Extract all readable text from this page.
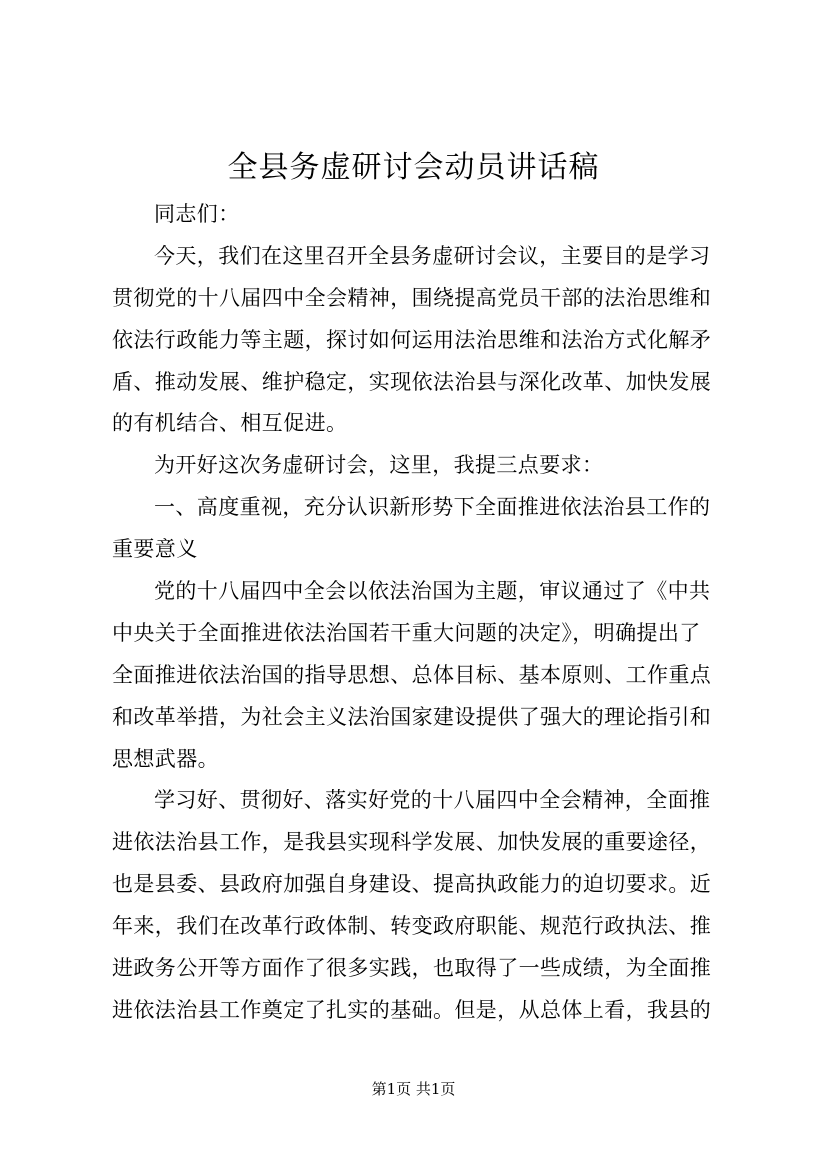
全县务虚研讨会动员讲话稿
同志们：
今天，我们在这里召开全县务虚研讨会议，主要目的是学习
贯彻党的十八届四中全会精神，围绕提高党员干部的法治思维和
依法行政能力等主题，探讨如何运用法治思维和法治方式化解矛
盾、推动发展、维护稳定，实现依法治县与深化改革、加快发展
的有机结合、相互促进。
为开好这次务虚研讨会，这里，我提三点要求：
一、高度重视，充分认识新形势下全面推进依法治县工作的
重要意义
党的十八届四中全会以依法治国为主题，审议通过了《中共
中央关于全面推进依法治国若干重大问题的决定》，明确提出了
全面推进依法治国的指导思想、总体目标、基本原则、工作重点
和改革举措，为社会主义法治国家建设提供了强大的理论指引和
思想武器。
学习好、贯彻好、落实好党的十八届四中全会精神，全面推
进依法治县工作，是我县实现科学发展、加快发展的重要途径，
也是县委、县政府加强自身建设、提高执政能力的迫切要求。近
年来，我们在改革行政体制、转变政府职能、规范行政执法、推
进政务公开等方面作了很多实践，也取得了一些成绩，为全面推
进依法治县工作奠定了扎实的基础。但是，从总体上看，我县的
第1页 共1页
